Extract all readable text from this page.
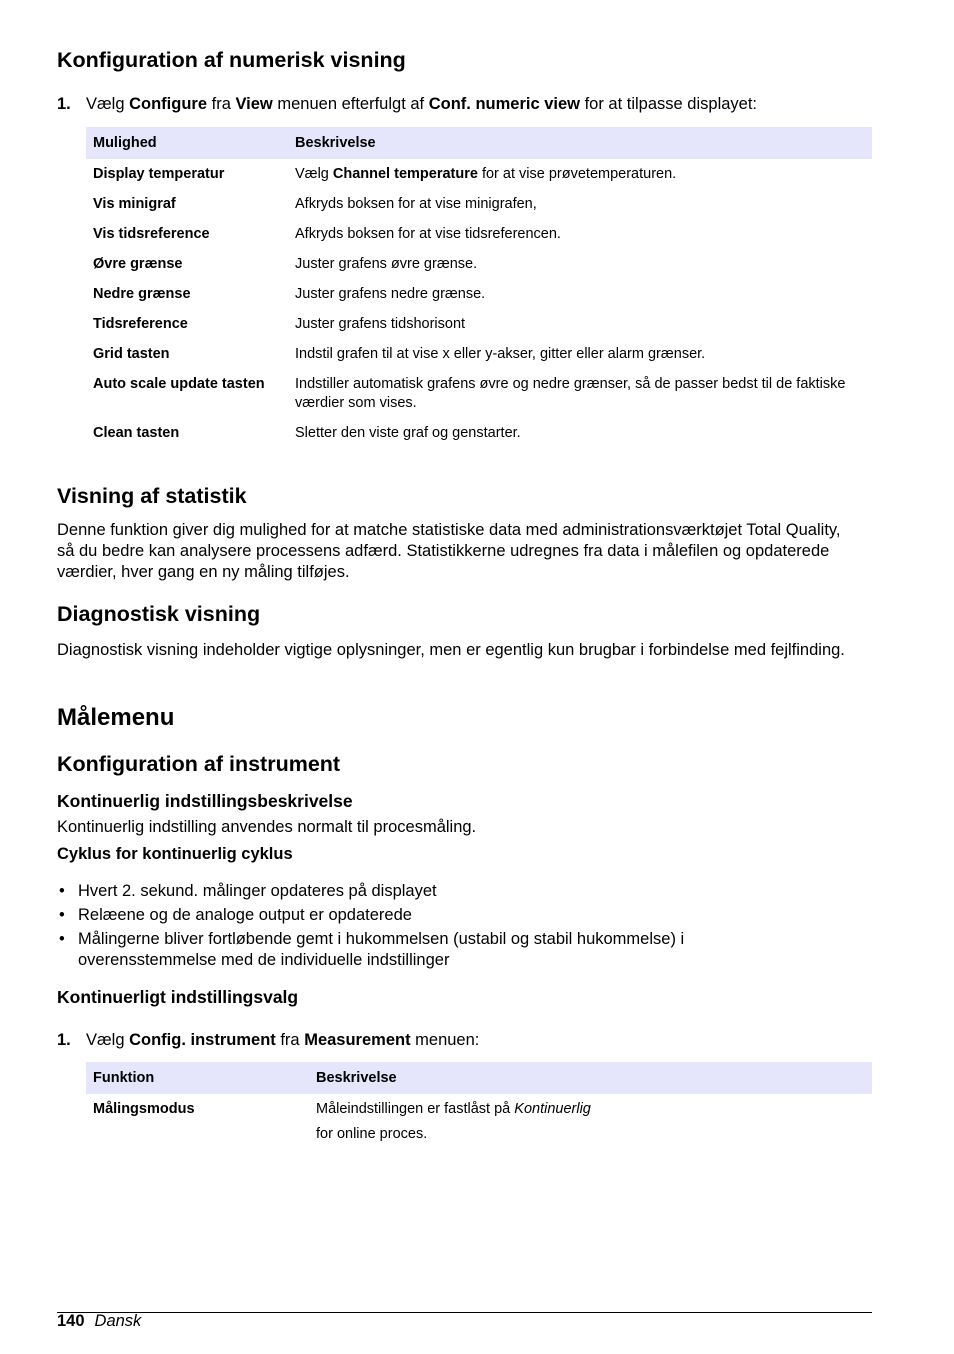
Konfiguration af numerisk visning
1. Vælg Configure fra View menuen efterfulgt af Conf. numeric view for at tilpasse displayet:
Mulighed	Beskrivelse
Display temperatur	Vælg Channel temperature for at vise prøvetemperaturen.
Vis minigraf	Afkryds boksen for at vise minigrafen,
Vis tidsreference	Afkryds boksen for at vise tidsreferencen.
Øvre grænse	Juster grafens øvre grænse.
Nedre grænse	Juster grafens nedre grænse.
Tidsreference	Juster grafens tidshorisont
Grid tasten	Indstil grafen til at vise x eller y-akser, gitter eller alarm grænser.
Auto scale update tasten	Indstiller automatisk grafens øvre og nedre grænser, så de passer bedst til de faktiske værdier som vises.
Clean tasten	Sletter den viste graf og genstarter.
Visning af statistik

Denne funktion giver dig mulighed for at matche statistiske data med administrationsværktøjet Total Quality, så du bedre kan analysere processens adfærd. Statistikkerne udregnes fra data i målefilen og opdaterede værdier, hver gang en ny måling tilføjes.

Diagnostisk visning

Diagnostisk visning indeholder vigtige oplysninger, men er egentlig kun brugbar i forbindelse med fejlfinding.

Målemenu
Konfiguration af instrument
Kontinuerlig indstillingsbeskrivelse

Kontinuerlig indstilling anvendes normalt til procesmåling.

Cyklus for kontinuerlig cyklus
• Hvert 2. sekund. målinger opdateres på displayet
• Relæene og de analoge output er opdaterede
• Målingerne bliver fortløbende gemt i hukommelsen (ustabil og stabil hukommelse) i overensstemmelse med de individuelle indstillinger
Kontinuerligt indstillingsvalg
1. Vælg Config. instrument fra Measurement menuen:
Funktion	Beskrivelse
Målingsmodus	Måleindstillingen er fastlåst på Kontinuerlig
for online proces.
140 Dansk
